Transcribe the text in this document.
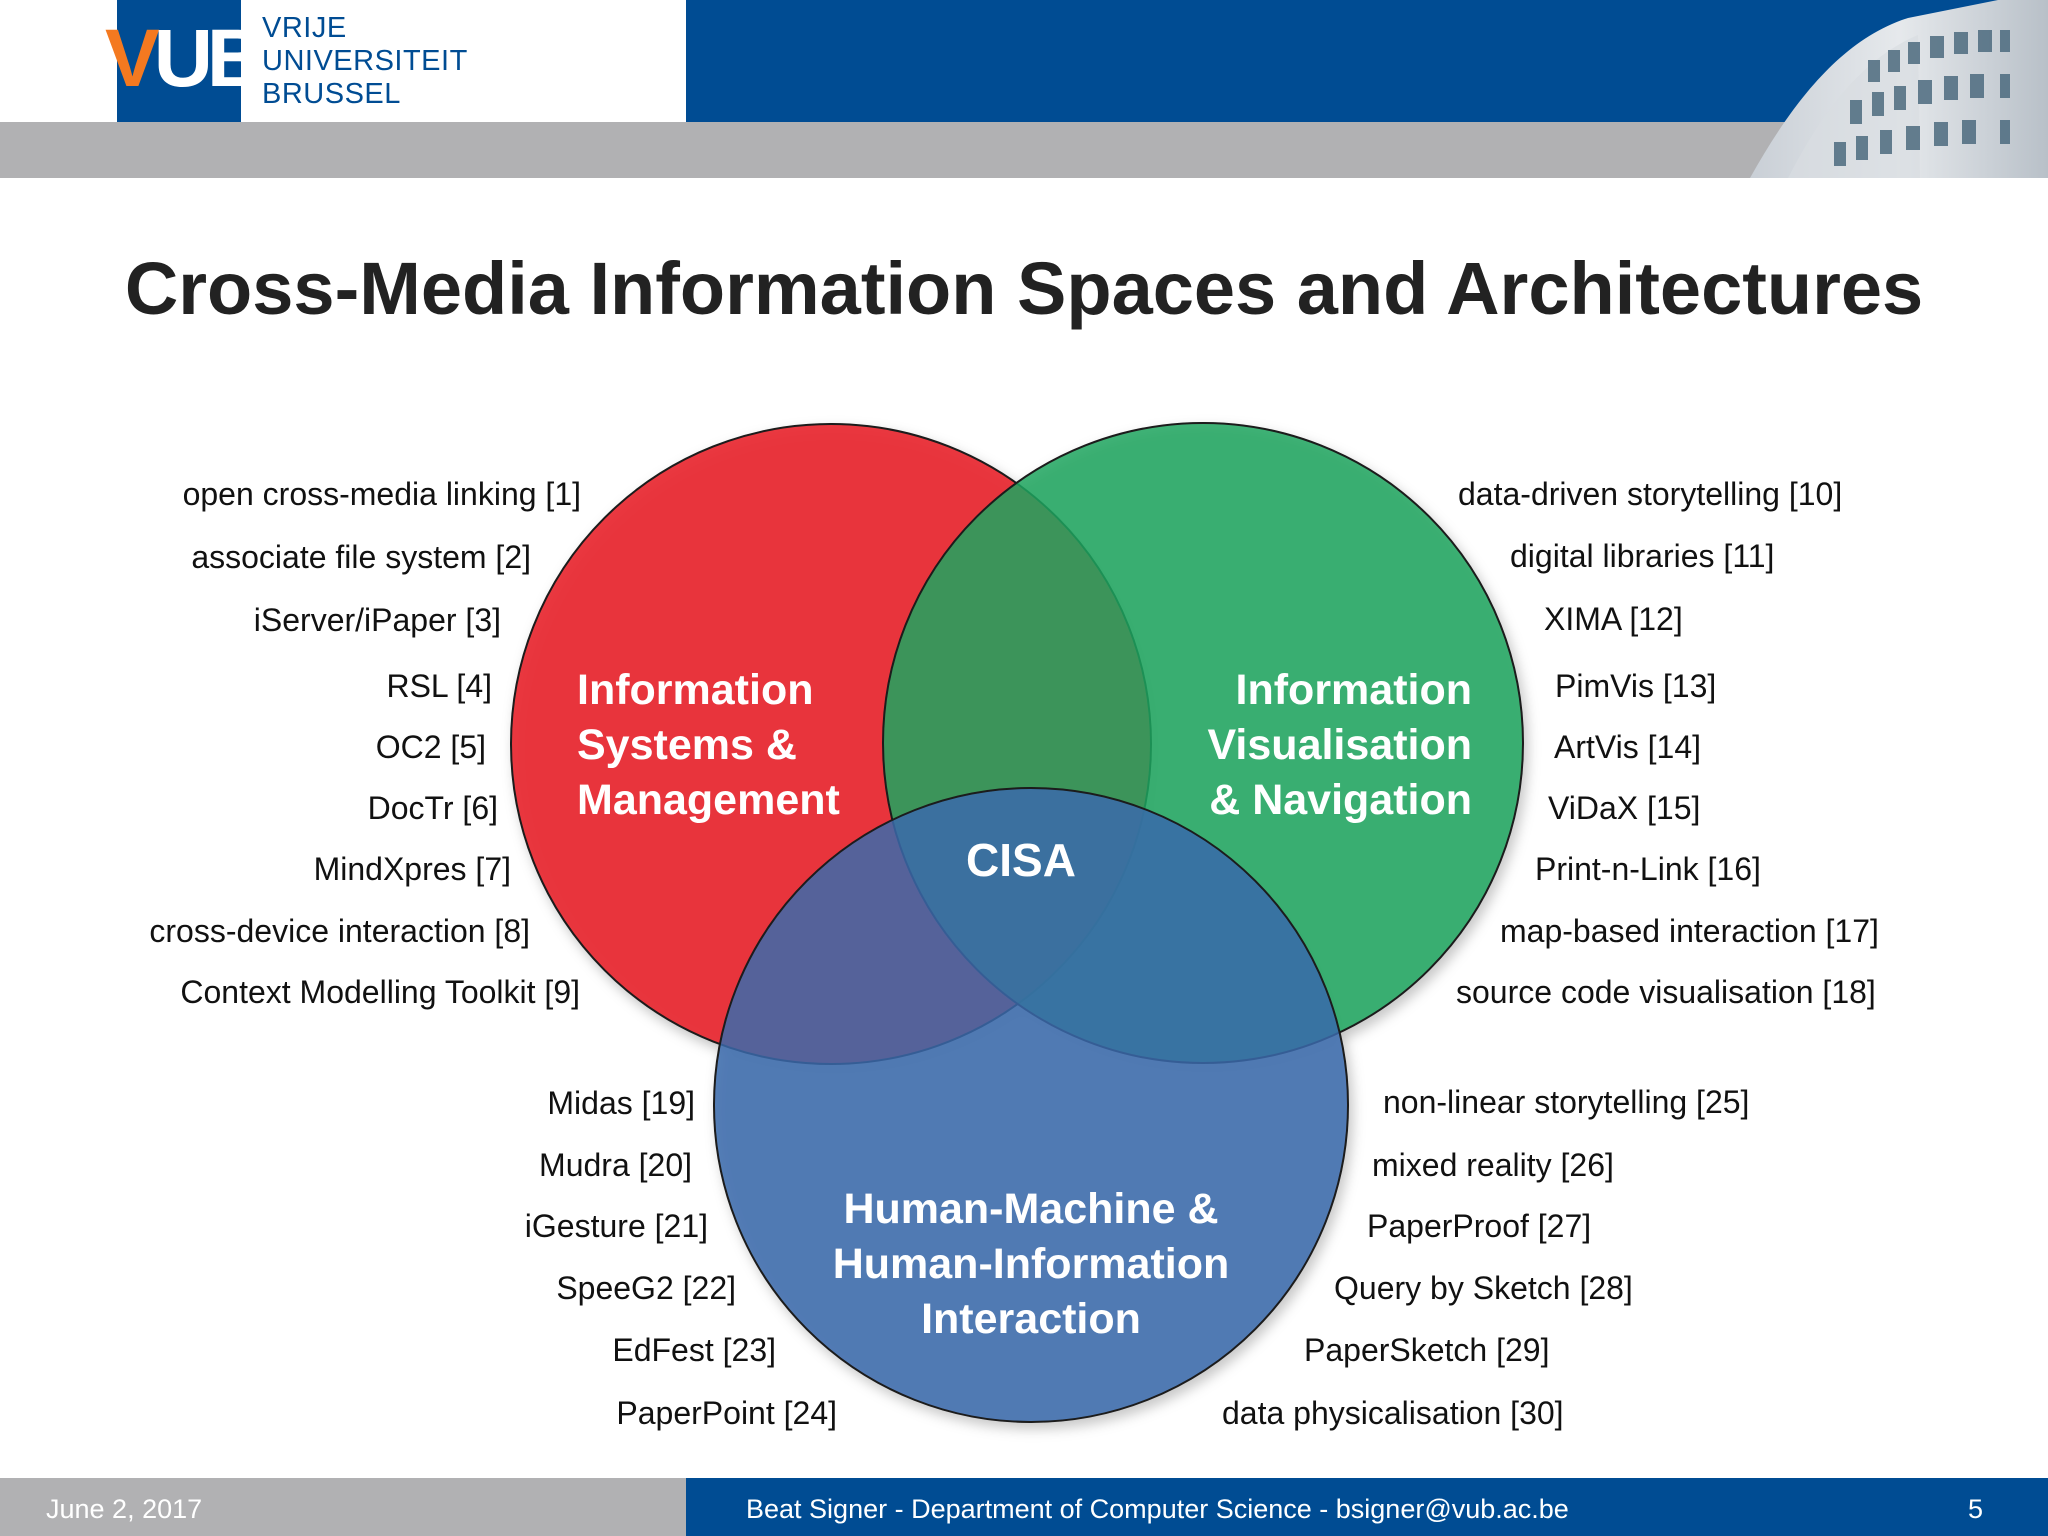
VUB VRIJE
UNIVERSITEIT
BRUSSEL
Cross-Media Information Spaces and Architectures
Information
Systems &
Management
Information
Visualisation
& Navigation
Human-Machine &
Human-Information
Interaction
CISA
open cross-media linking [1]
associate file system [2]
iServer/iPaper [3]
RSL [4]
OC2 [5]
DocTr [6]
MindXpres [7]
cross-device interaction [8]
Context Modelling Toolkit [9]
data-driven storytelling [10]
digital libraries [11]
XIMA [12]
PimVis [13]
ArtVis [14]
ViDaX [15]
Print-n-Link [16]
map-based interaction [17]
source code visualisation [18]
Midas [19]
Mudra [20]
iGesture [21]
SpeeG2 [22]
EdFest [23]
PaperPoint [24]
non-linear storytelling [25]
mixed reality [26]
PaperProof [27]
Query by Sketch [28]
PaperSketch [29]
data physicalisation [30]
June 2, 2017	Beat Signer - Department of Computer Science - bsigner@vub.ac.be	5
